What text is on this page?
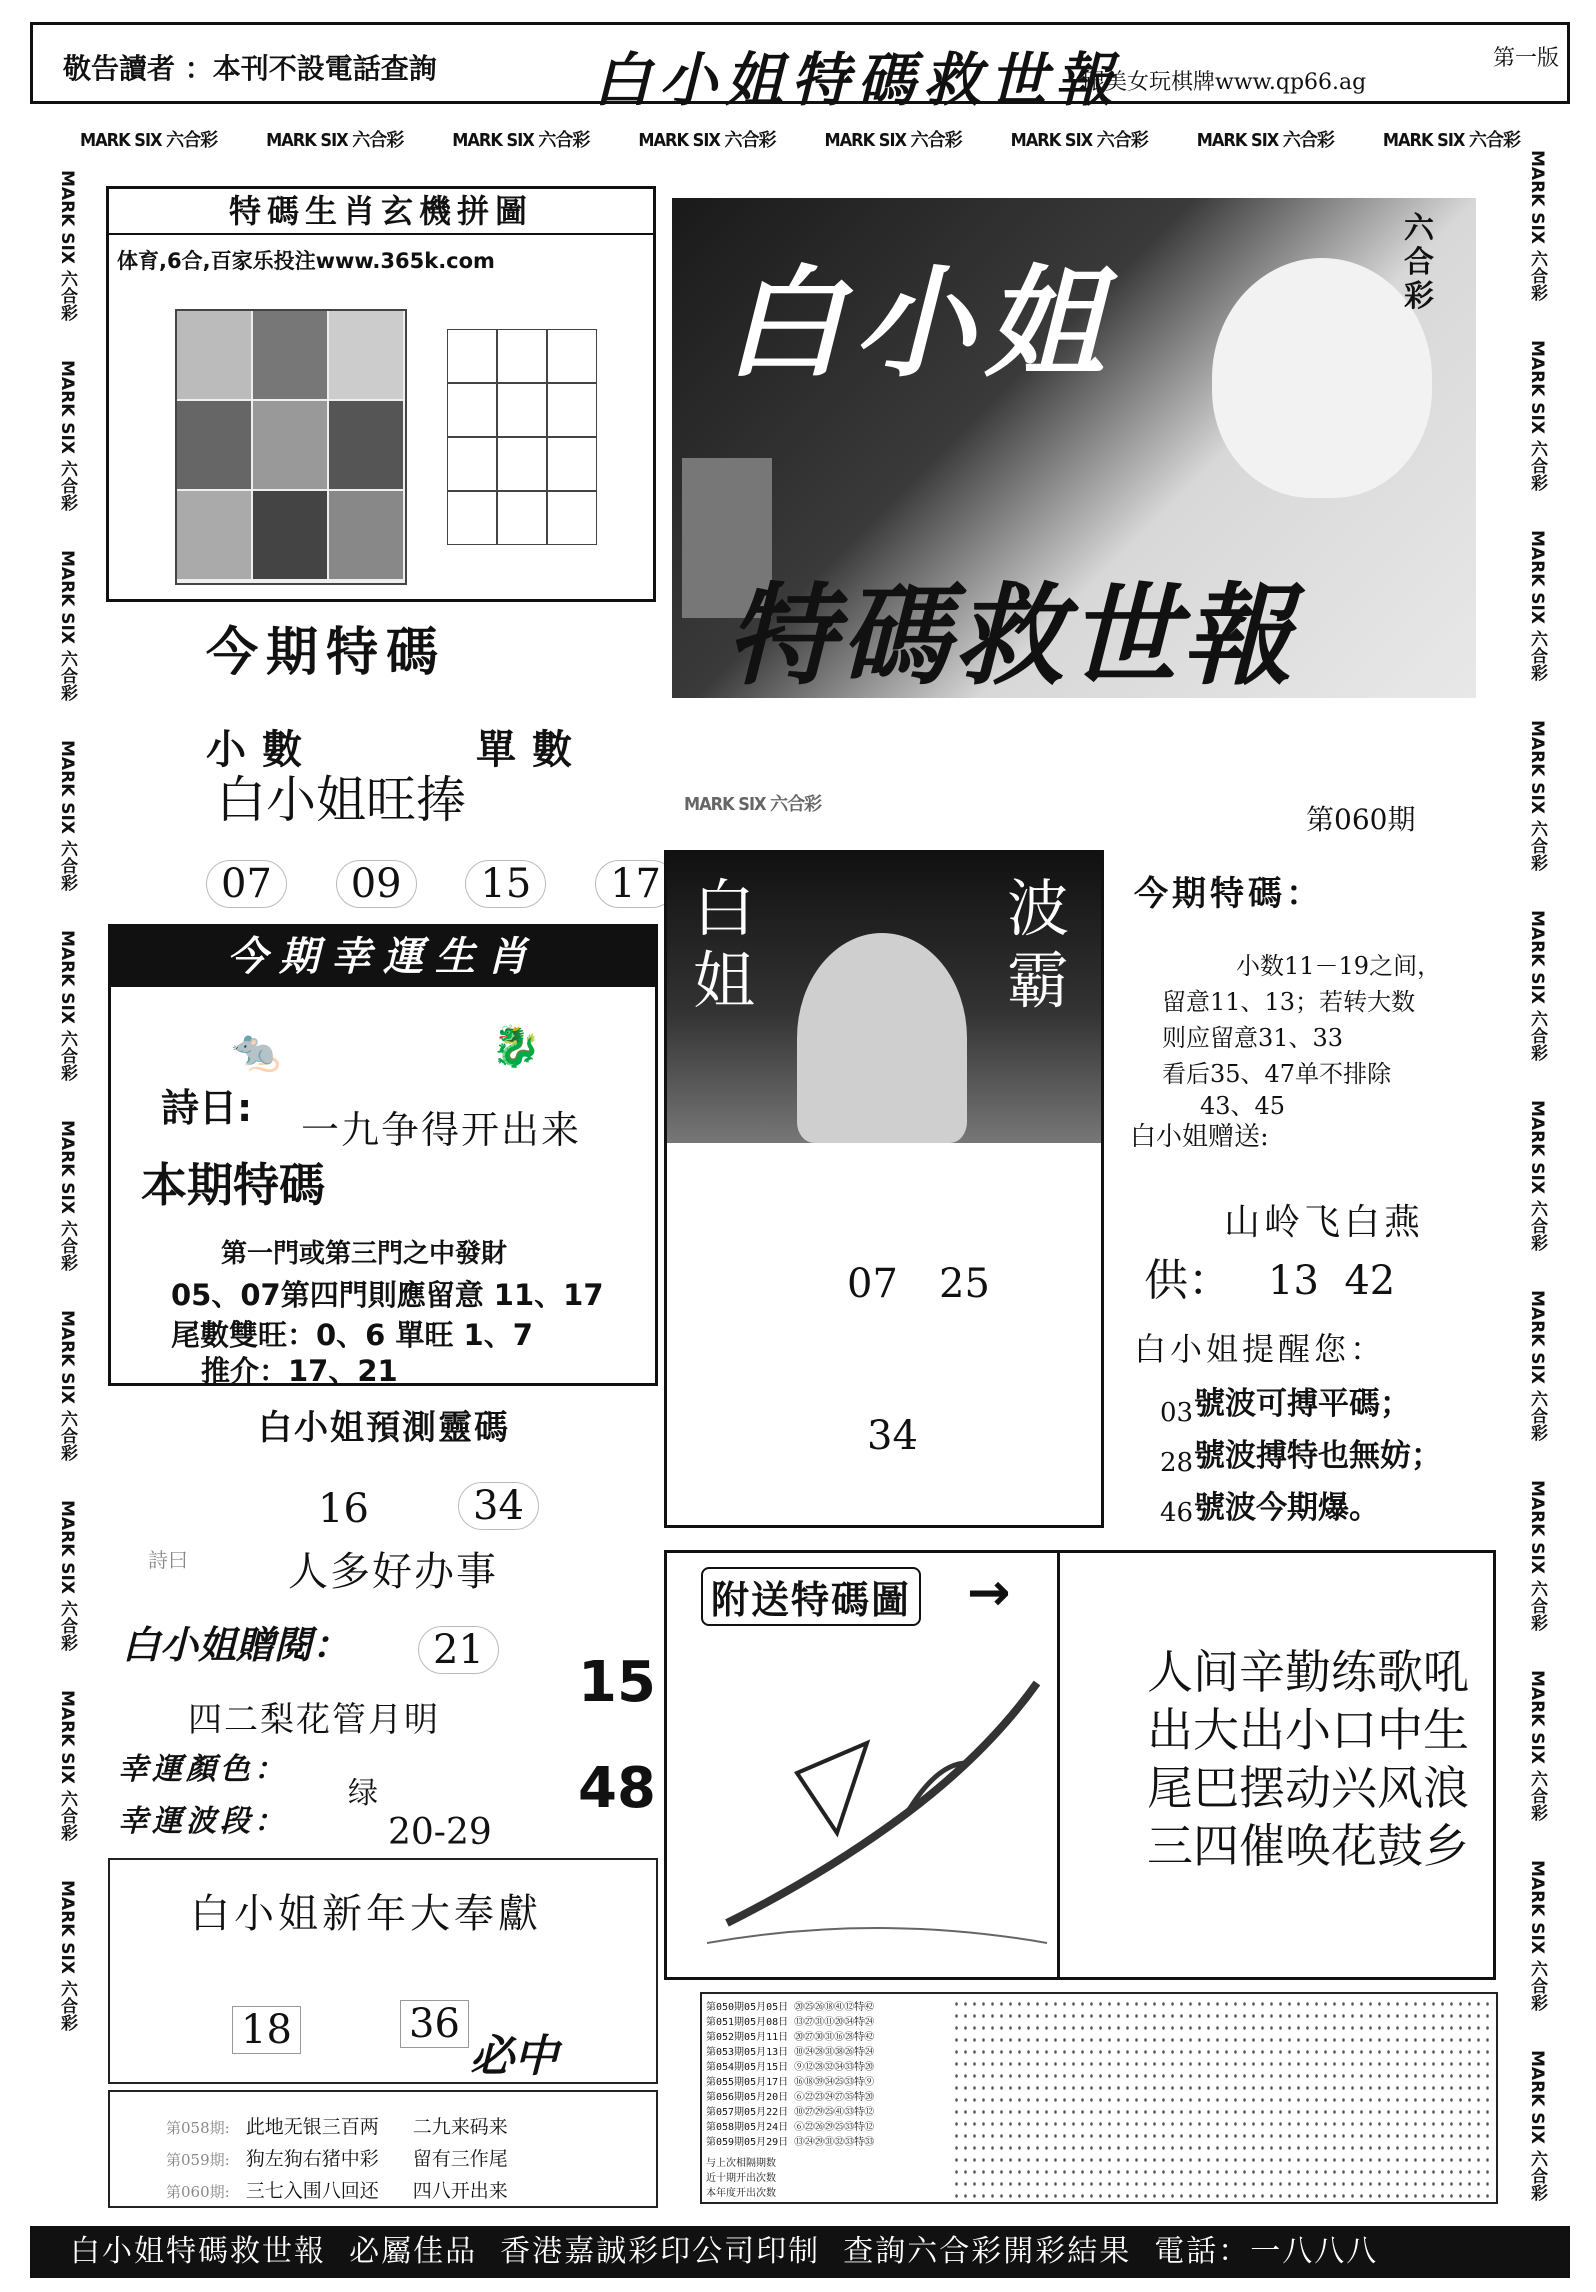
敬告讀者 ：本刊不設電話查詢	白小姐特碼救世報
跟美女玩棋牌www.qp66.ag
第一版
MARK SIX 六合彩	MARK SIX 六合彩	MARK SIX 六合彩	MARK SIX 六合彩	MARK SIX 六合彩	MARK SIX 六合彩	MARK SIX 六合彩	MARK SIX 六合彩
MARK SIX 六合彩
MARK SIX 六合彩
MARK SIX 六合彩
MARK SIX 六合彩
MARK SIX 六合彩
MARK SIX 六合彩
MARK SIX 六合彩
MARK SIX 六合彩
MARK SIX 六合彩
MARK SIX 六合彩
MARK SIX 六合彩
MARK SIX 六合彩
MARK SIX 六合彩
MARK SIX 六合彩
MARK SIX 六合彩
MARK SIX 六合彩
MARK SIX 六合彩
MARK SIX 六合彩
MARK SIX 六合彩
MARK SIX 六合彩
MARK SIX 六合彩
特碼生肖玄機拼圖
体育,6合,百家乐投注www.365k.com
今期特碼
小數	單數
白小姐旺捧
07	09	15	17
今期幸運生肖
🐀	🐉
詩日: 一九争得开出来
本期特碼
第一門或第三門之中發財
05、07第四門則應留意 11、17
尾數雙旺：0、6 單旺 1、7
推介：17、21
白小姐預測靈碼
16	34
詩曰	人多好办事
白小姐贈閱：	21 15
四二梨花管月明
幸運顏色：
绿	48
幸運波段：	20-29
白小姐新年大奉獻
18	36
必中
第058期: 此地无银三百两 二九来码来
第059期: 狗左狗右猪中彩 留有三作尾
第060期: 三七入围八回还 四八开出来
六合彩
白小姐
特碼救世報
MARK SIX 六合彩	第060期
白姐
波霸
07 25
34
今期特碼：
小数11－19之间，
留意11、13；若转大数
则应留意31、33
看后35、47单不排除
43、45
白小姐赠送:
山岭飞白燕
供： 13  42
白小姐提醒您：
03 號波可搏平碼；
28 號波搏特也無妨；
46 號波今期爆。
附送特碼圖 →
人间辛勤练歌吼
出大出小口中生
尾巴摆动兴风浪
三四催唤花鼓乡
第050期05月05日 ⑳㉕㉖⑱㊶⑫特㊷
第051期05月08日 ⑬㉗㉛⑪⑳㉞特㉔
第052期05月11日 ⑳㉗㉚㉛⑯㉘特㊷
第053期05月13日 ⑩㉔㉘㉛㊳㉖特㉔
第054期05月15日 ⑨⑫㉘㉜㉞㉝特⑳
第055期05月17日 ⑯⑱㊴㉞㉕㉝特⑨
第056期05月20日 ⑥㉒㉓㉔㉗㉟特⑳
第057期05月22日 ⑩㉗㉙㉕㊶㉝特⑫
第058期05月24日 ⑥㉒㉖㉙㉕㉝特⑫
第059期05月29日 ⑬㉔㉙㉛㉜㉝特㉝
与上次相隔期数
近十期开出次数
本年度开出次数
白小姐特碼救世報  必屬佳品  香港嘉誠彩印公司印制  查詢六合彩開彩結果  電話：一八八八
